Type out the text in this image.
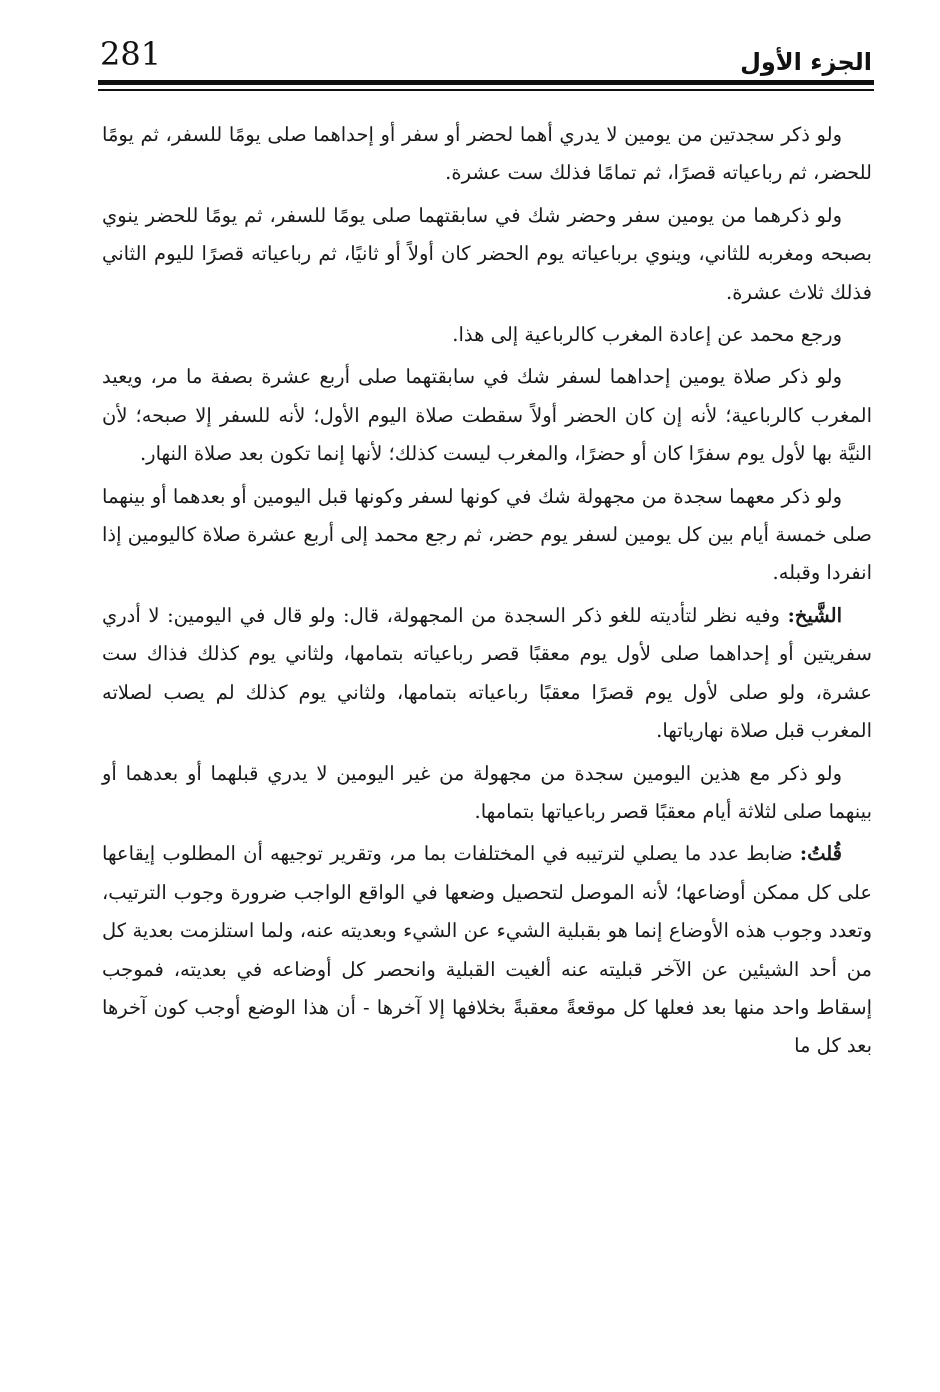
281	الجزء الأول

ولو ذكر سجدتين من يومين لا يدري أهما لحضر أو سفر أو إحداهما صلى يومًا للسفر، ثم يومًا للحضر، ثم رباعياته قصرًا، ثم تمامًا فذلك ست عشرة.

ولو ذكرهما من يومين سفر وحضر شك في سابقتهما صلى يومًا للسفر، ثم يومًا للحضر ينوي بصبحه ومغربه للثاني، وينوي برباعياته يوم الحضر كان أولاً أو ثانيًا، ثم رباعياته قصرًا لليوم الثاني فذلك ثلاث عشرة.

ورجع محمد عن إعادة المغرب كالرباعية إلى هذا.

ولو ذكر صلاة يومين إحداهما لسفر شك في سابقتهما صلى أربع عشرة بصفة ما مر، ويعيد المغرب كالرباعية؛ لأنه إن كان الحضر أولاً سقطت صلاة اليوم الأول؛ لأنه للسفر إلا صبحه؛ لأن النيَّة بها لأول يوم سفرًا كان أو حضرًا، والمغرب ليست كذلك؛ لأنها إنما تكون بعد صلاة النهار.

ولو ذكر معهما سجدة من مجهولة شك في كونها لسفر وكونها قبل اليومين أو بعدهما أو بينهما صلى خمسة أيام بين كل يومين لسفر يوم حضر، ثم رجع محمد إلى أربع عشرة صلاة كاليومين إذا انفردا وقبله.

الشَّيخ: وفيه نظر لتأديته للغو ذكر السجدة من المجهولة، قال: ولو قال في اليومين: لا أدري سفريتين أو إحداهما صلى لأول يوم معقبًا قصر رباعياته بتمامها، ولثاني يوم كذلك فذاك ست عشرة، ولو صلى لأول يوم قصرًا معقبًا رباعياته بتمامها، ولثاني يوم كذلك لم يصب لصلاته المغرب قبل صلاة نهارياتها.

ولو ذكر مع هذين اليومين سجدة من مجهولة من غير اليومين لا يدري قبلهما أو بعدهما أو بينهما صلى لثلاثة أيام معقبًا قصر رباعياتها بتمامها.

قُلتُ: ضابط عدد ما يصلي لترتيبه في المختلفات بما مر، وتقرير توجيهه أن المطلوب إيقاعها على كل ممكن أوضاعها؛ لأنه الموصل لتحصيل وضعها في الواقع الواجب ضرورة وجوب الترتيب، وتعدد وجوب هذه الأوضاع إنما هو بقبلية الشيء عن الشيء وبعديته عنه، ولما استلزمت بعدية كل من أحد الشيئين عن الآخر قبليته عنه ألغيت القبلية وانحصر كل أوضاعه في بعديته، فموجب إسقاط واحد منها بعد فعلها كل موقعةً معقبةً بخلافها إلا آخرها - أن هذا الوضع أوجب كون آخرها بعد كل ما
